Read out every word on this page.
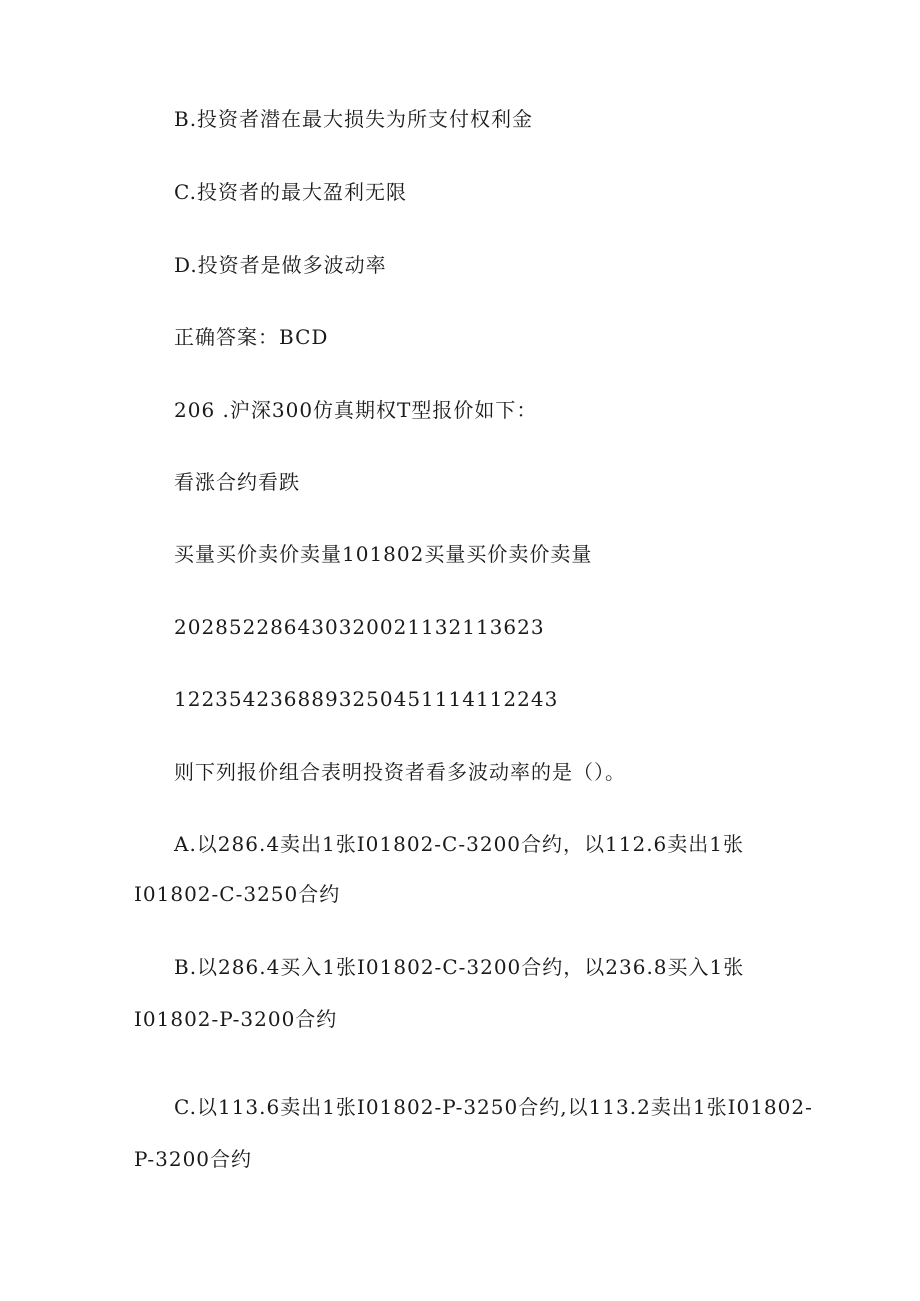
B.投资者潜在最大损失为所支付权利金
C.投资者的最大盈利无限
D.投资者是做多波动率
正确答案：BCD
206 .沪深300仿真期权T型报价如下：
看涨合约看跌
买量买价卖价卖量101802买量买价卖价卖量
2028522864303200211321136​23
12235423688932504511141​12243
则下列报价组合表明投资者看多波动率的是（）。
A.以286.4卖出1张I01802-C-3200合约，以112.6卖出1张
I01802-C-3250合约
B.以286.4买入1张I01802-C-3200合约，以236.8买入1张
I01802-P-3200合约
C.以113.6卖出1张I01802-P-3250合约,以113.2卖出1张I01802-
P-3200合约
